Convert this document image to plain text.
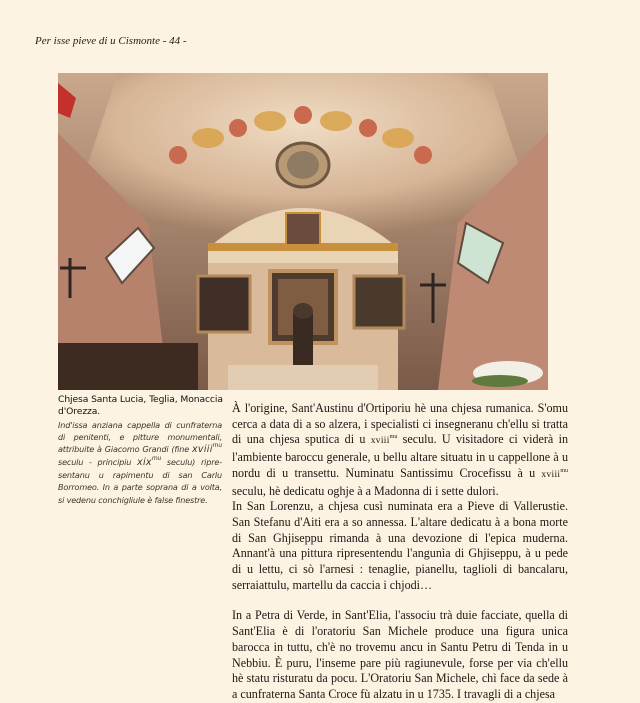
Per isse pieve di u Cismonte - 44 -
Chjesa Santa Lucia, Teglia, Monaccia d'Orezza.
Ind'issa anziana cappella di cunfraterna di penitenti, e pitture monumentali, attribuite à Giacomo Grandi (fine xviii$^{mu}$ seculu - principiu xix$^{mu}$ seculu) ripre-sentanu u rapimentu di san Carlu Borromeo. In a parte soprana di a volta, si vedenu conchigliule è false finestre.

À l'origine, Sant'Austinu d'Ortiporiu hè una chjesa rumanica. S'omu cerca a data di a so alzera, i specialisti ci insegneranu ch'ellu si tratta di una chjesa sputica di u xviii$^{mu}$ seculu. U visitadore ci viderà in l'ambiente baroccu generale, u bellu altare situatu in u cappellone à u nordu di u transettu. Numinatu Santissimu Crocefissu à u xviii$^{mu}$ seculu, hè dedicatu oghje à a Madonna di i sette dulori.

In San Lorenzu, a chjesa cusì numinata era a Pieve di Vallerustie. San Stefanu d'Aiti era a so annessa. L'altare dedicatu à a bona morte di San Ghjiseppu rimanda à una devozione di l'epica muderna. Annant'à una pittura ripresentendu l'angunìa di Ghjiseppu, à u pede di u lettu, ci sò l'arnesi : tenaglie, pianellu, taglioli di bancalaru, serraiattulu, martellu da caccia i chjodi…

In a Petra di Verde, in Sant'Elia, l'associu trà duie facciate, quella di Sant'Elia è di l'oratoriu San Michele produce una figura unica barocca in tuttu, ch'è no trovemu ancu in Santu Petru di Tenda in u Nebbiu. È puru, l'inseme pare più ragiunevule, forse per via ch'ellu hè statu risturatu da pocu. L'Oratoriu San Michele, chì face da sede à a cunfraterna Santa Croce fù alzatu in u 1735. I travagli di a chjesa
